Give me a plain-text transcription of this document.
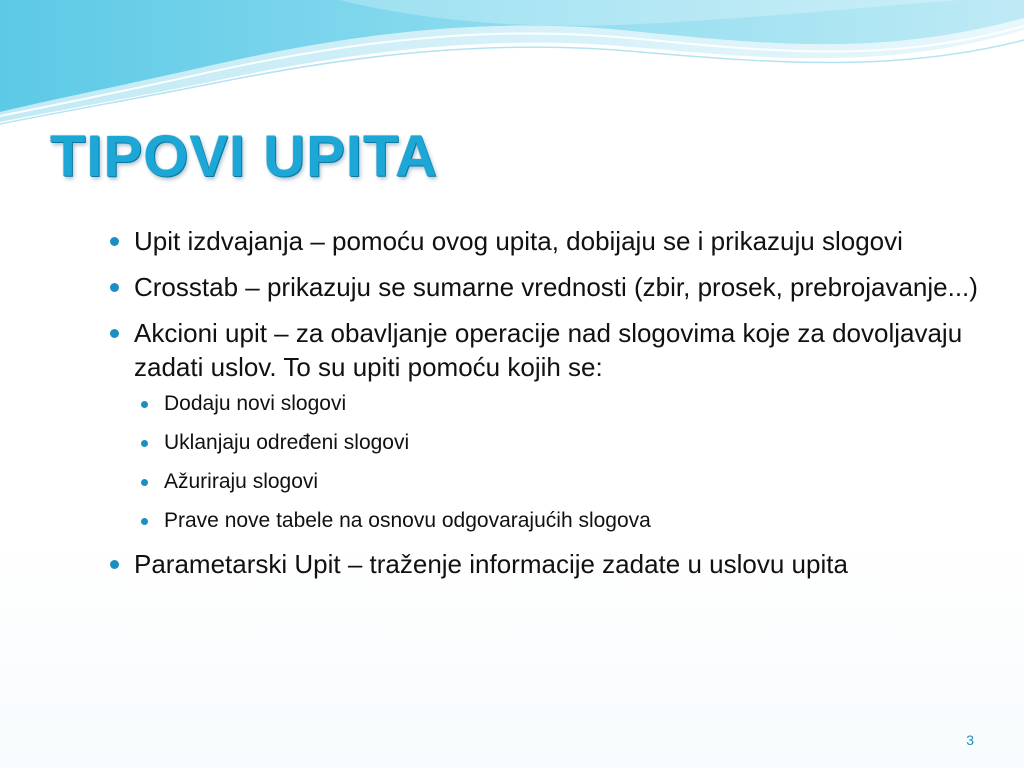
TIPOVI UPITA
Upit izdvajanja – pomoću ovog upita, dobijaju se i prikazuju slogovi
Crosstab – prikazuju se sumarne vrednosti (zbir, prosek, prebrojavanje...)
Akcioni upit – za obavljanje operacije nad slogovima koje za dovoljavaju zadati uslov. To su upiti pomoću kojih se:
Dodaju novi slogovi
Uklanjaju određeni slogovi
Ažuriraju slogovi
Prave nove tabele na osnovu odgovarajućih slogova
Parametarski Upit – traženje informacije zadate u uslovu upita
3
